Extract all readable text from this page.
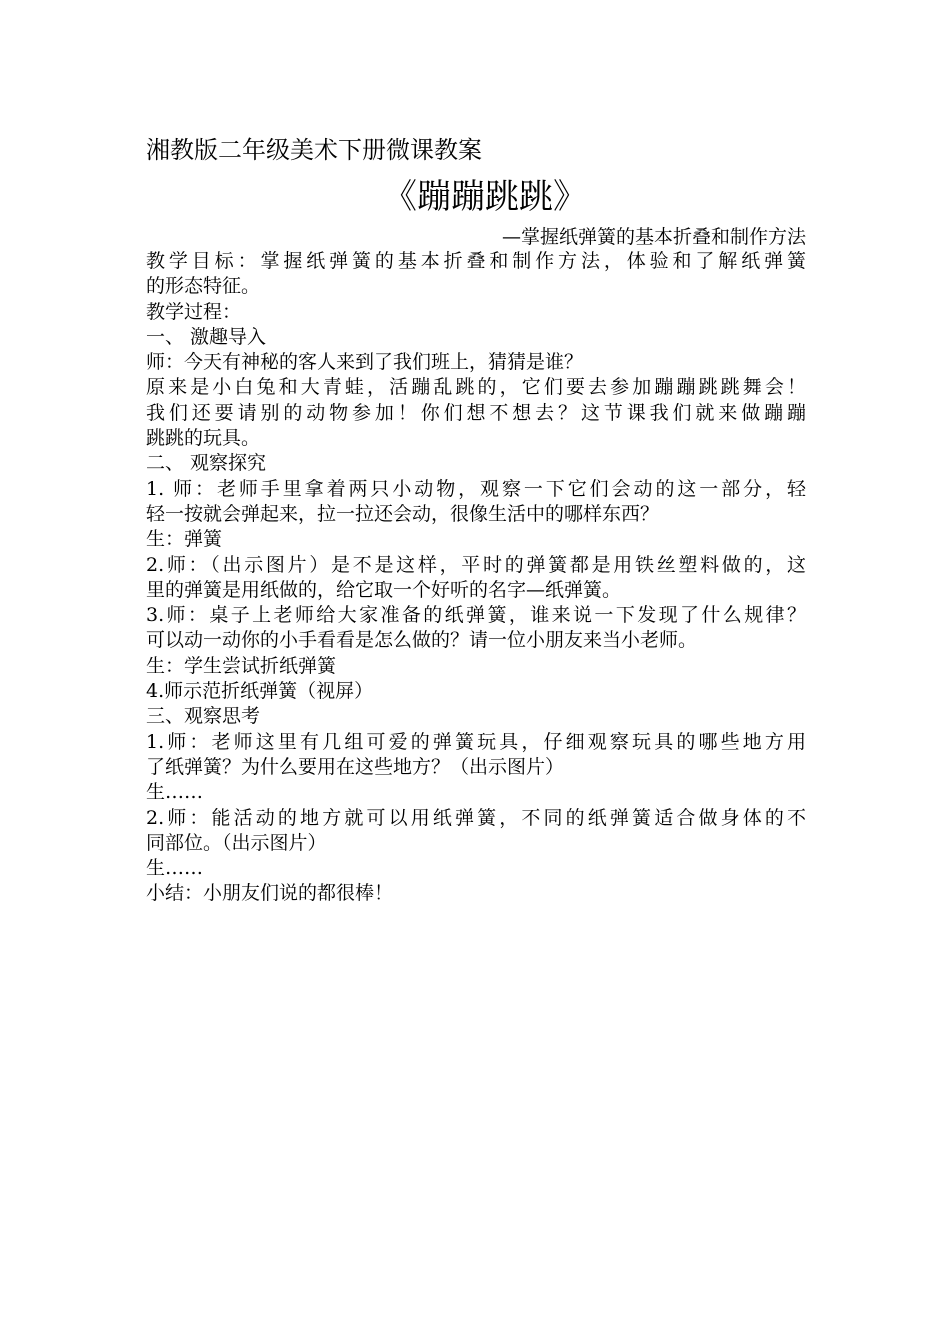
湘教版二年级美术下册微课教案
《蹦蹦跳跳》
—掌握纸弹簧的基本折叠和制作方法
教学目标：掌握纸弹簧的基本折叠和制作方法，体验和了解纸弹簧
的形态特征。
教学过程：
一、 激趣导入
师：今天有神秘的客人来到了我们班上，猜猜是谁？
原来是小白兔和大青蛙，活蹦乱跳的，它们要去参加蹦蹦跳跳舞会！
我们还要请别的动物参加！你们想不想去？这节课我们就来做蹦蹦
跳跳的玩具。
二、 观察探究
1. 师：老师手里拿着两只小动物，观察一下它们会动的这一部分，轻
轻一按就会弹起来，拉一拉还会动，很像生活中的哪样东西？
生：弹簧
2.师：（出示图片）是不是这样，平时的弹簧都是用铁丝塑料做的，这
里的弹簧是用纸做的，给它取一个好听的名字—纸弹簧。
3.师：桌子上老师给大家准备的纸弹簧，谁来说一下发现了什么规律？
可以动一动你的小手看看是怎么做的？请一位小朋友来当小老师。
生：学生尝试折纸弹簧
4.师示范折纸弹簧（视屏）
三、观察思考
1.师：老师这里有几组可爱的弹簧玩具，仔细观察玩具的哪些地方用
了纸弹簧？为什么要用在这些地方？（出示图片）
生……
2.师：能活动的地方就可以用纸弹簧，不同的纸弹簧适合做身体的不
同部位。（出示图片）
生……
小结：小朋友们说的都很棒！
